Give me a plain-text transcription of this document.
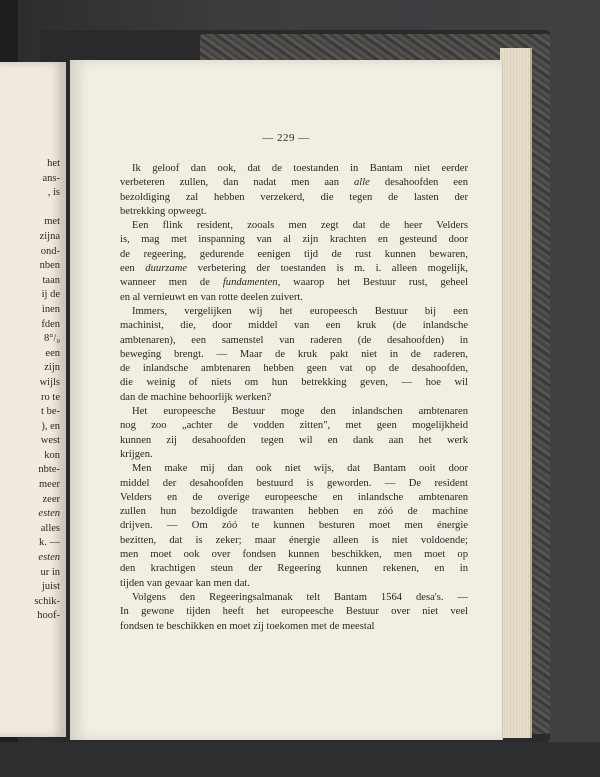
het
ans-
, is

met
zijna
ond-
nben
taan
ij de
inen
fden
8°/₀
een
zijn
wijls
ro te
t be-
), en
west
kon
nbte-
meer
zeer
esten
alles
k. —
esten
ur in
juist
schik-
hoof-
— 229 —
Ik geloof dan ook, dat de toestanden in Bantam niet eerder
verbeteren zullen, dan nadat men aan alle desahoofden een
bezoldiging zal hebben verzekerd, die tegen de lasten der
betrekking opweegt.
Een flink resident, zooals men zegt dat de heer Velders
is, mag met inspanning van al zijn krachten en gesteund door
de regeering, gedurende eenigen tijd de rust kunnen bewaren,
een duurzame verbetering der toestanden is m. i. alleen mogelijk,
wanneer men de fundamenten, waarop het Bestuur rust, geheel
en al vernieuwt en van rotte deelen zuivert.
Immers, vergelijken wij het europeesch Bestuur bij een
machinist, die, door middel van een kruk (de inlandsche
ambtenaren), een samenstel van raderen (de desahoofden) in
beweging brengt. — Maar de kruk pakt niet in de raderen,
de inlandsche ambtenaren hebben geen vat op de desahoofden,
die weinig of niets om hun betrekking geven, — hoe wil
dan de machine behoorlijk werken?
Het europeesche Bestuur moge den inlandschen ambtenaren
nog zoo „achter de vodden zitten", met geen mogelijkheid
kunnen zij desahoofden tegen wil en dank aan het werk
krijgen.
Men make mij dan ook niet wijs, dat Bantam ooit door
middel der desahoofden bestuurd is geworden. — De resident
Velders en de overige europeesche en inlandsche ambtenaren
zullen hun bezoldigde trawanten hebben en zóó de machine
drijven. — Om zóó te kunnen besturen moet men énergie
bezitten, dat is zeker; maar énergie alleen is niet voldoende;
men moet ook over fondsen kunnen beschikken, men moet op
den krachtigen steun der Regeering kunnen rekenen, en in
tijden van gevaar kan men dat.
Volgens den Regeeringsalmanak telt Bantam 1564 desa's. —
In gewone tijden heeft het europeesche Bestuur over niet veel
fondsen te beschikken en moet zij toekomen met de meestal
